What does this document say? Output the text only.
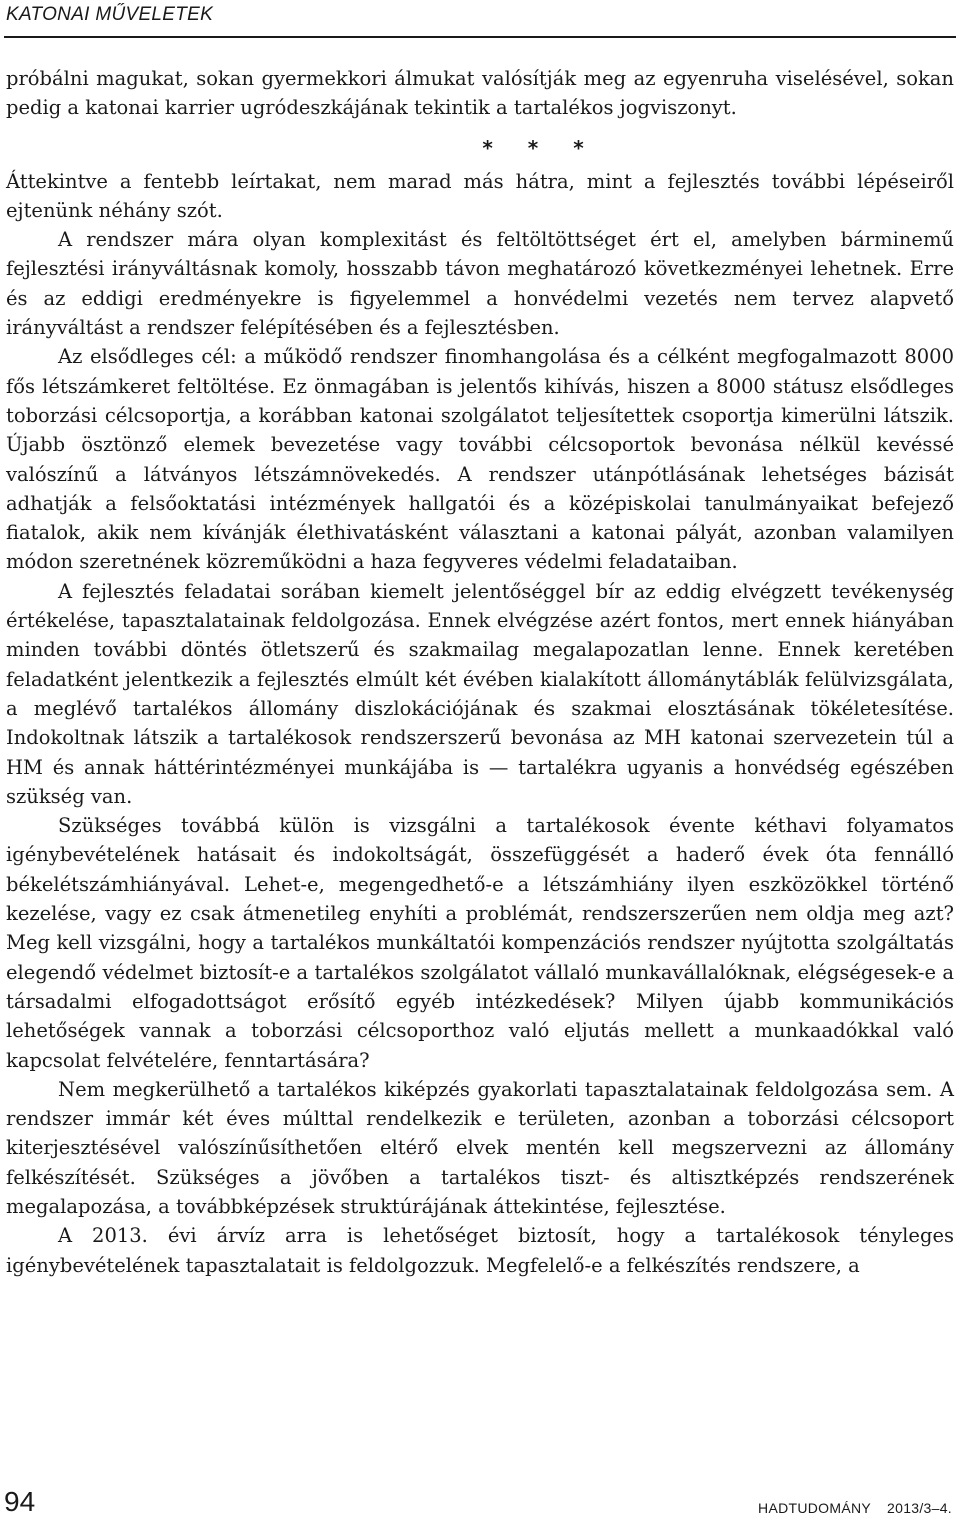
KATONAI MŰVELETEK

próbálni magukat, sokan gyermekkori álmukat valósítják meg az egyenruha viselésével, sokan pedig a katonai karrier ugródeszkájának tekintik a tartalékos jogviszonyt.

* * *

Áttekintve a fentebb leírtakat, nem marad más hátra, mint a fejlesztés további lépéseiről ejtenünk néhány szót.

A rendszer mára olyan komplexitást és feltöltöttséget ért el, amelyben bárminemű fejlesztési irányváltásnak komoly, hosszabb távon meghatározó következményei lehetnek. Erre és az eddigi eredményekre is figyelemmel a honvédelmi vezetés nem tervez alapvető irányváltást a rendszer felépítésében és a fejlesztésben.

Az elsődleges cél: a működő rendszer finomhangolása és a célként megfogalmazott 8000 fős létszámkeret feltöltése. Ez önmagában is jelentős kihívás, hiszen a 8000 státusz elsődleges toborzási célcsoportja, a korábban katonai szolgálatot teljesítettek csoportja kimerülni látszik. Újabb ösztönző elemek bevezetése vagy további célcsoportok bevonása nélkül kevéssé valószínű a látványos létszámnövekedés. A rendszer utánpótlásának lehetséges bázisát adhatják a felsőoktatási intézmények hallgatói és a középiskolai tanulmányaikat befejező fiatalok, akik nem kívánják élethivatásként választani a katonai pályát, azonban valamilyen módon szeretnének közreműködni a haza fegyveres védelmi feladataiban.

A fejlesztés feladatai sorában kiemelt jelentőséggel bír az eddig elvégzett tevékenység értékelése, tapasztalatainak feldolgozása. Ennek elvégzése azért fontos, mert ennek hiányában minden további döntés ötletszerű és szakmailag megalapozatlan lenne. Ennek keretében feladatként jelentkezik a fejlesztés elmúlt két évében kialakított állománytáblák felülvizsgálata, a meglévő tartalékos állomány diszlokációjának és szakmai elosztásának tökéletesítése. Indokoltnak látszik a tartalékosok rendszerszerű bevonása az MH katonai szervezetein túl a HM és annak háttérintézményei munkájába is — tartalékra ugyanis a honvédség egészében szükség van.

Szükséges továbbá külön is vizsgálni a tartalékosok évente kéthavi folyamatos igénybevételének hatásait és indokoltságát, összefüggését a haderő évek óta fennálló békelétszámhiányával. Lehet-e, megengedhető-e a létszámhiány ilyen eszközökkel történő kezelése, vagy ez csak átmenetileg enyhíti a problémát, rendszerszerűen nem oldja meg azt? Meg kell vizsgálni, hogy a tartalékos munkáltatói kompenzációs rendszer nyújtotta szolgáltatás elegendő védelmet biztosít-e a tartalékos szolgálatot vállaló munkavállalóknak, elégségesek-e a társadalmi elfogadottságot erősítő egyéb intézkedések? Milyen újabb kommunikációs lehetőségek vannak a toborzási célcsoporthoz való eljutás mellett a munkaadókkal való kapcsolat felvételére, fenntartására?

Nem megkerülhető a tartalékos kiképzés gyakorlati tapasztalatainak feldolgozása sem. A rendszer immár két éves múlttal rendelkezik e területen, azonban a toborzási célcsoport kiterjesztésével valószínűsíthetően eltérő elvek mentén kell megszervezni az állomány felkészítését. Szükséges a jövőben a tartalékos tiszt- és altisztképzés rendszerének megalapozása, a továbbképzések struktúrájának áttekintése, fejlesztése.

A 2013. évi árvíz arra is lehetőséget biztosít, hogy a tartalékosok tényleges igénybevételének tapasztalatait is feldolgozzuk. Megfelelő-e a felkészítés rendszere, a

94	HADTUDOMÁNY 2013/3–4.
